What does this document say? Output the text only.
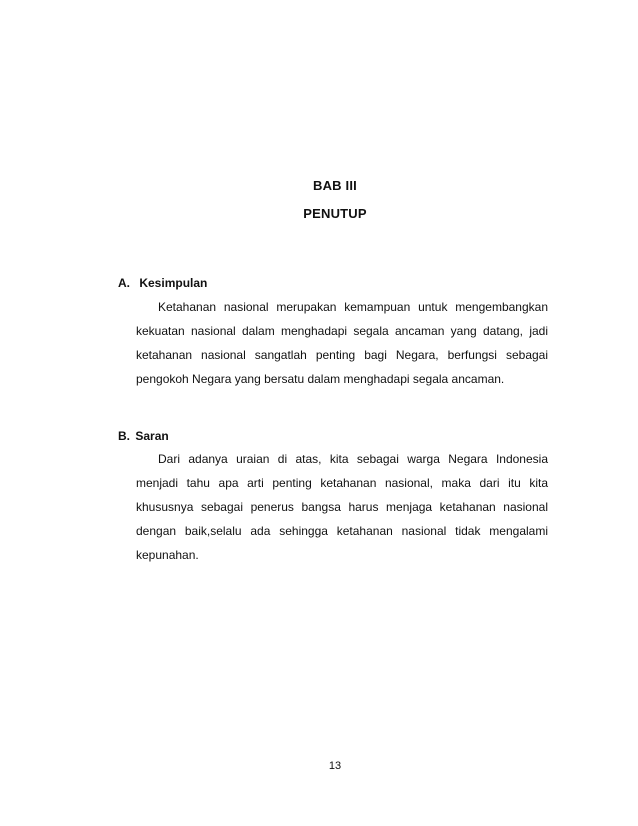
BAB III
PENUTUP
A. Kesimpulan
Ketahanan nasional merupakan kemampuan untuk mengembangkan
kekuatan nasional dalam menghadapi segala ancaman yang datang, jadi
ketahanan nasional sangatlah penting bagi Negara, berfungsi sebagai
pengokoh Negara yang bersatu dalam menghadapi segala ancaman.
B. Saran
Dari adanya uraian di atas, kita sebagai warga Negara Indonesia
menjadi tahu apa arti penting ketahanan nasional, maka dari itu kita
khususnya sebagai penerus bangsa harus menjaga ketahanan nasional
dengan baik,selalu ada sehingga ketahanan nasional tidak mengalami
kepunahan.
13
